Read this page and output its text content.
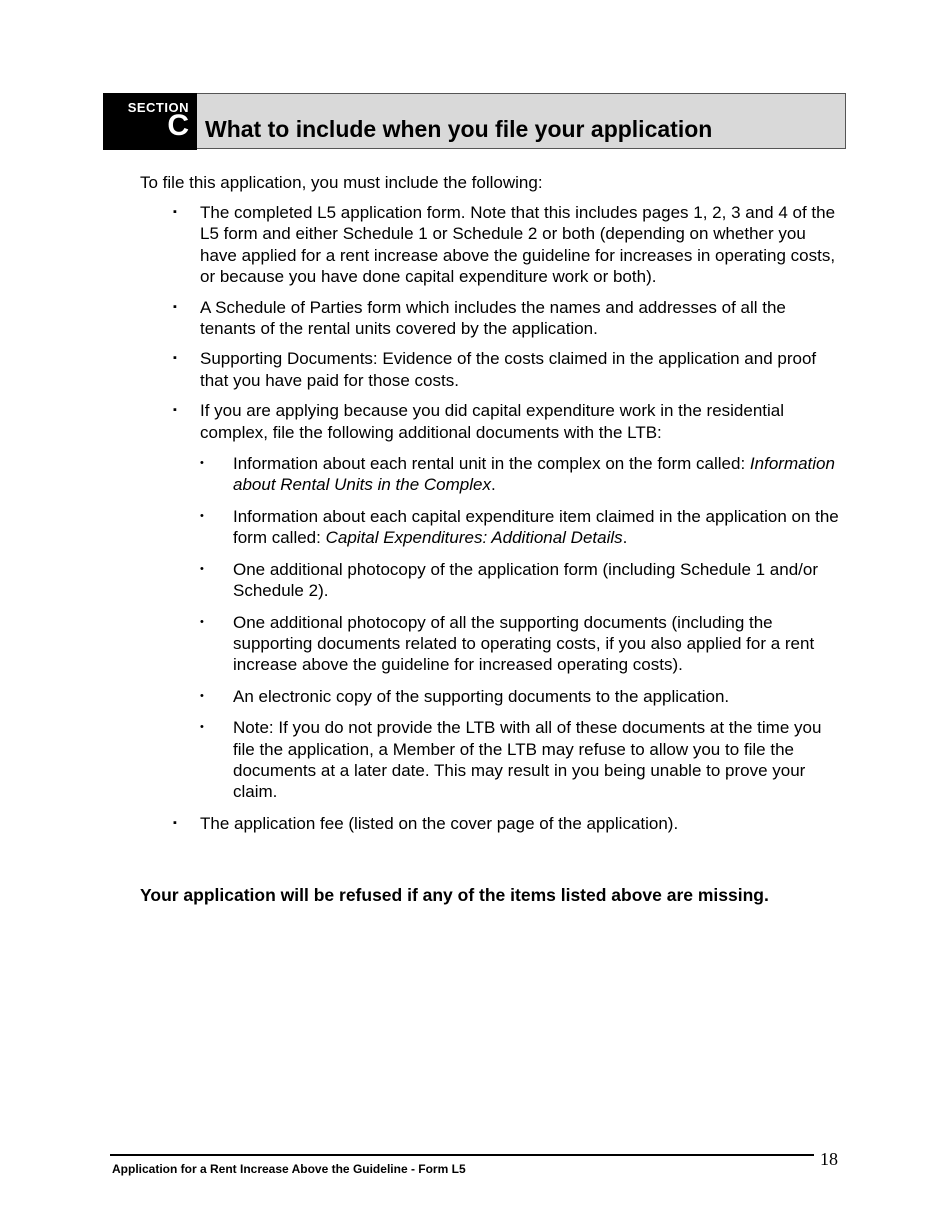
SECTION
C What to include when you file your application
To file this application, you must include the following:
▪ The completed L5 application form. Note that this includes pages 1, 2, 3 and 4 of the L5 form and either Schedule 1 or Schedule 2 or both (depending on whether you have applied for a rent increase above the guideline for increases in operating costs, or because you have done capital expenditure work or both).
▪ A Schedule of Parties form which includes the names and addresses of all the tenants of the rental units covered by the application.
▪ Supporting Documents: Evidence of the costs claimed in the application and proof that you have paid for those costs.
▪ If you are applying because you did capital expenditure work in the residential complex, file the following additional documents with the LTB:
• Information about each rental unit in the complex on the form called: Information about Rental Units in the Complex.
• Information about each capital expenditure item claimed in the application on the form called: Capital Expenditures: Additional Details.
• One additional photocopy of the application form (including Schedule 1 and/or Schedule 2).
• One additional photocopy of all the supporting documents (including the supporting documents related to operating costs, if you also applied for a rent increase above the guideline for increased operating costs).
• An electronic copy of the supporting documents to the application.
• Note: If you do not provide the LTB with all of these documents at the time you file the application, a Member of the LTB may refuse to allow you to file the documents at a later date. This may result in you being unable to prove your claim.
▪ The application fee (listed on the cover page of the application).
Your application will be refused if any of the items listed above are missing.
Application for a Rent Increase Above the Guideline - Form L5	18
